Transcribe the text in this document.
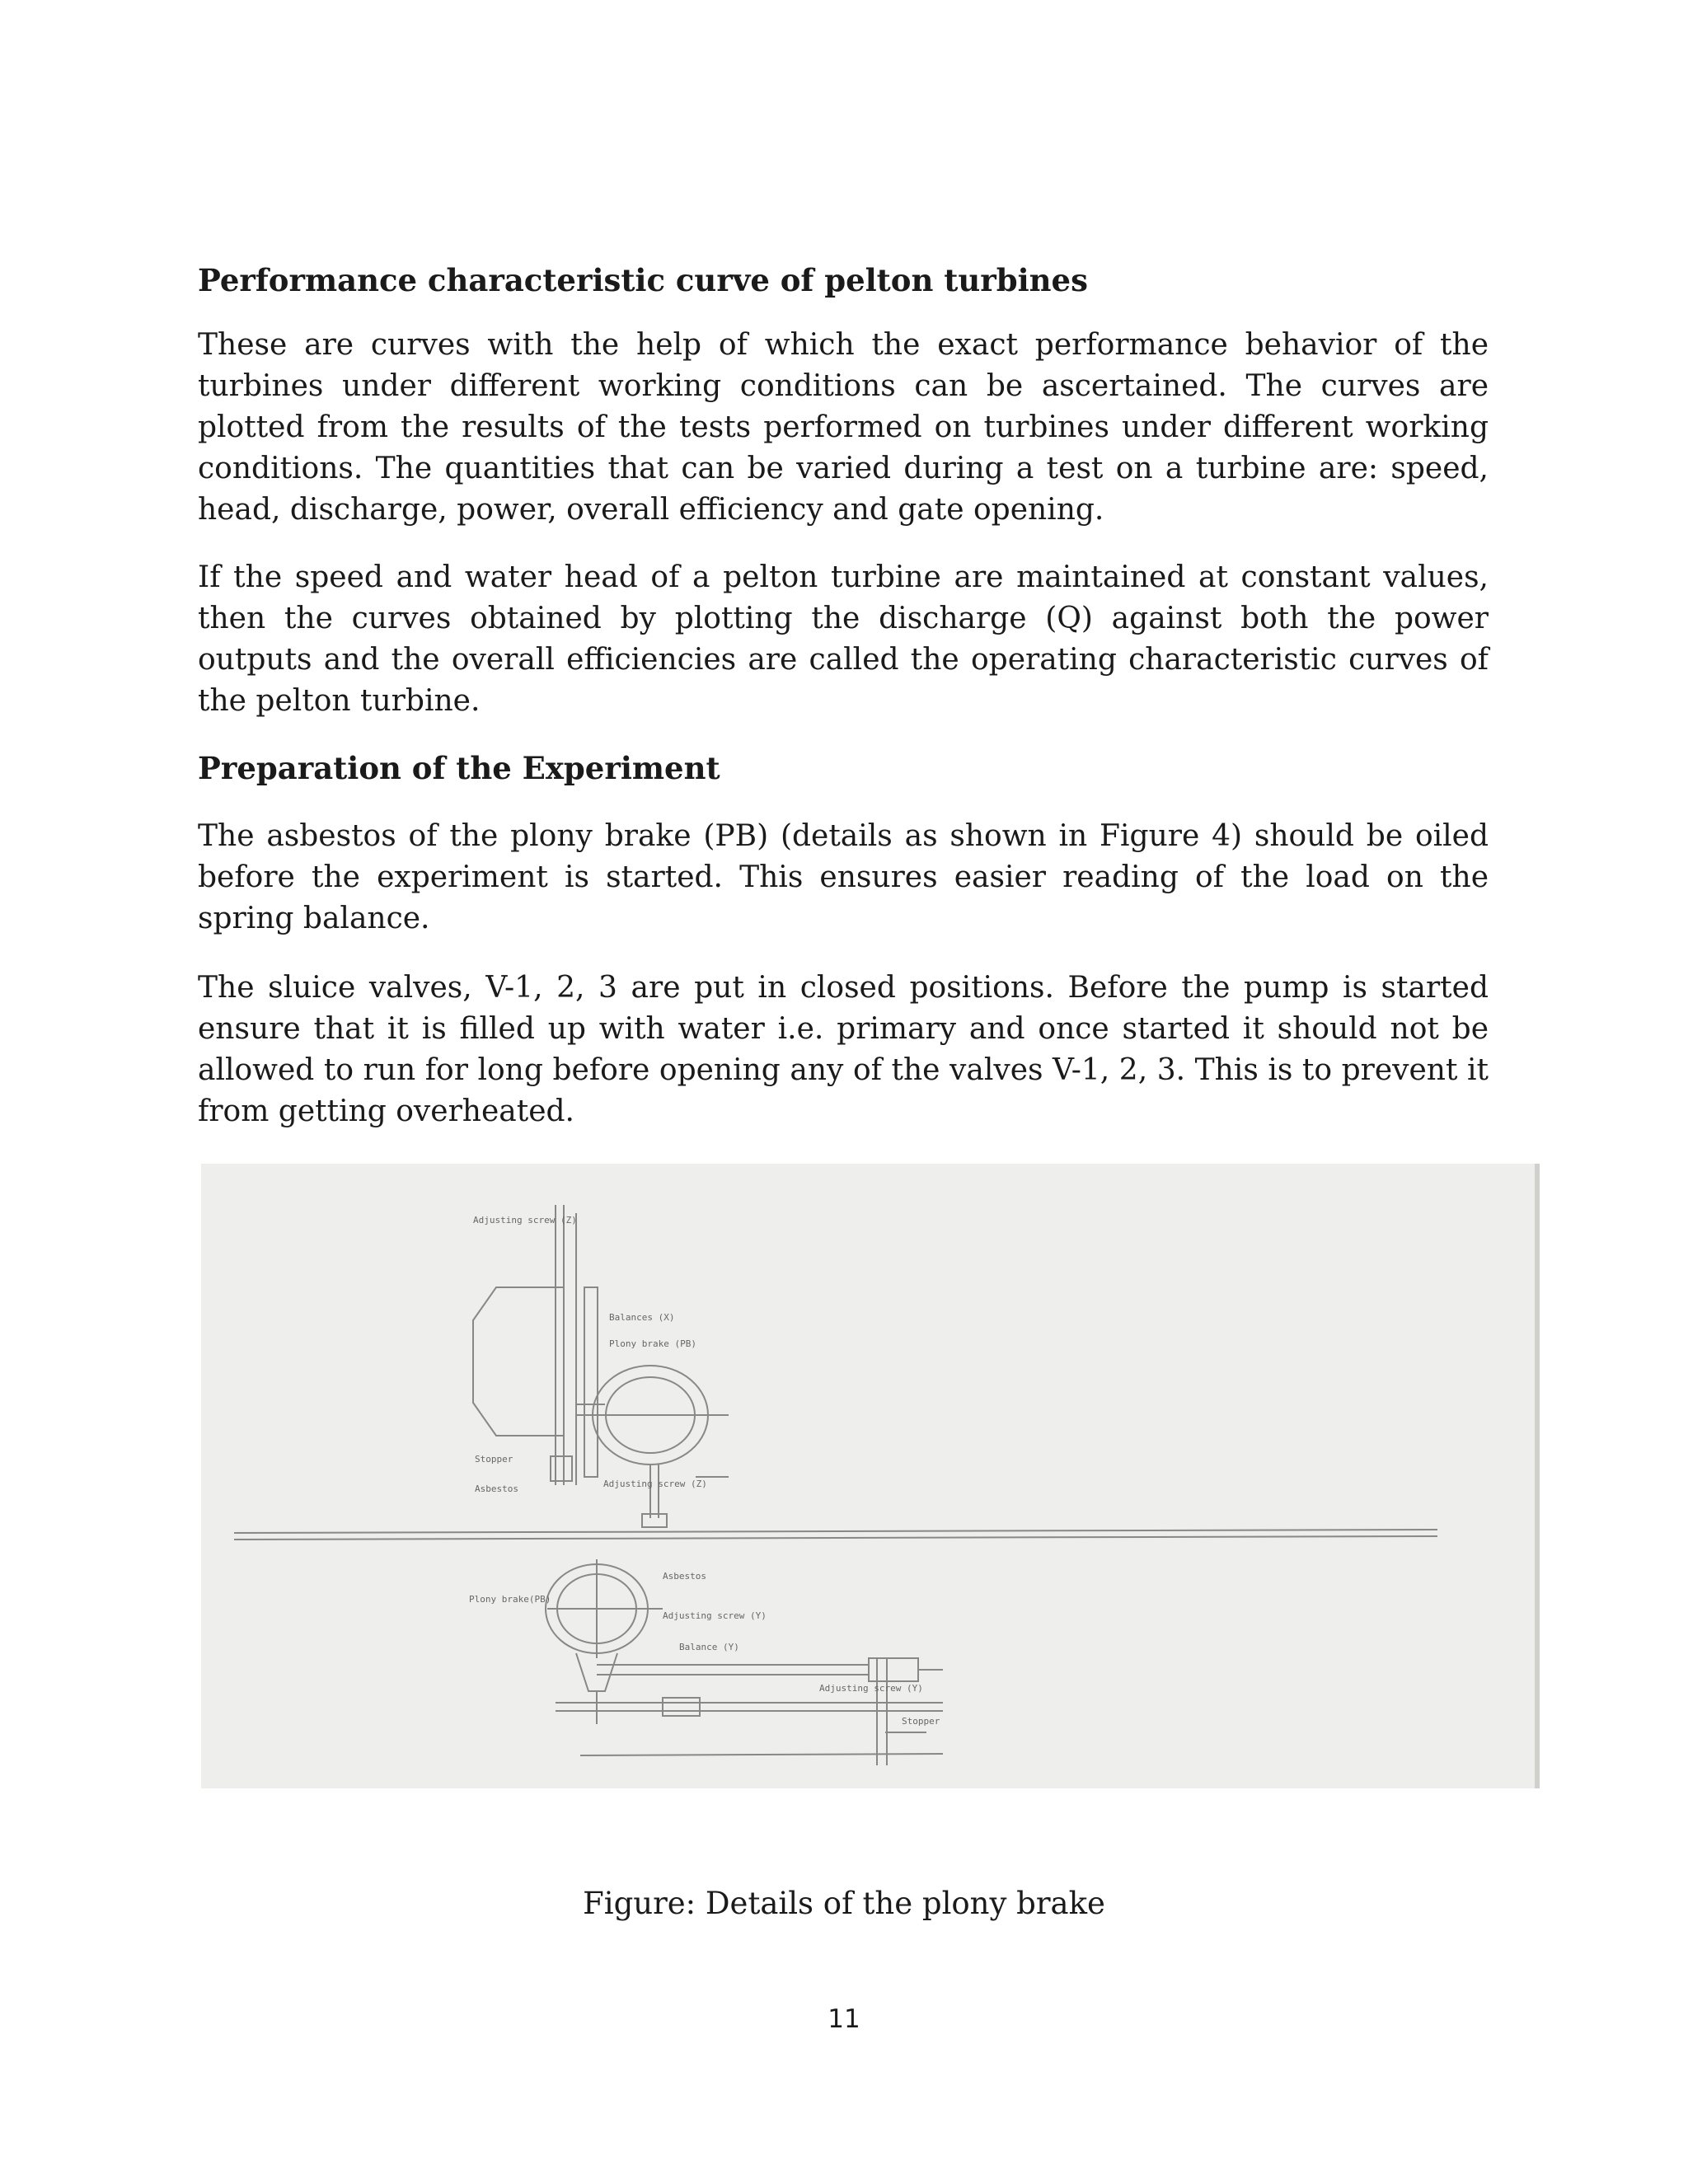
Performance characteristic curve of pelton turbines

These are curves with the help of which the exact performance behavior of the turbines under different working conditions can be ascertained. The curves are plotted from the results of the tests performed on turbines under different working conditions. The quantities that can be varied during a test on a turbine are: speed, head, discharge, power, overall efficiency and gate opening.

If the speed and water head of a pelton turbine are maintained at constant values, then the curves obtained by plotting the discharge (Q) against both the power outputs and the overall efficiencies are called the operating characteristic curves of the pelton turbine.

Preparation of the Experiment

The asbestos of the plony brake (PB) (details as shown in Figure 4) should be oiled before the experiment is started. This ensures easier reading of the load on the spring balance.

The sluice valves, V-1, 2, 3 are put in closed positions. Before the pump is started ensure that it is filled up with water i.e. primary and once started it should not be allowed to run for long before opening any of the valves V-1, 2, 3. This is to prevent it from getting overheated.

Adjusting screw (Z)
Balances (X)
Plony brake (PB)
Stopper
Asbestos	Adjusting screw (Z)
Asbestos
Plony brake(PB)
Adjusting screw (Y)
Balance (Y)
Adjusting screw (Y)
Stopper
Figure: Details of the plony brake
11
